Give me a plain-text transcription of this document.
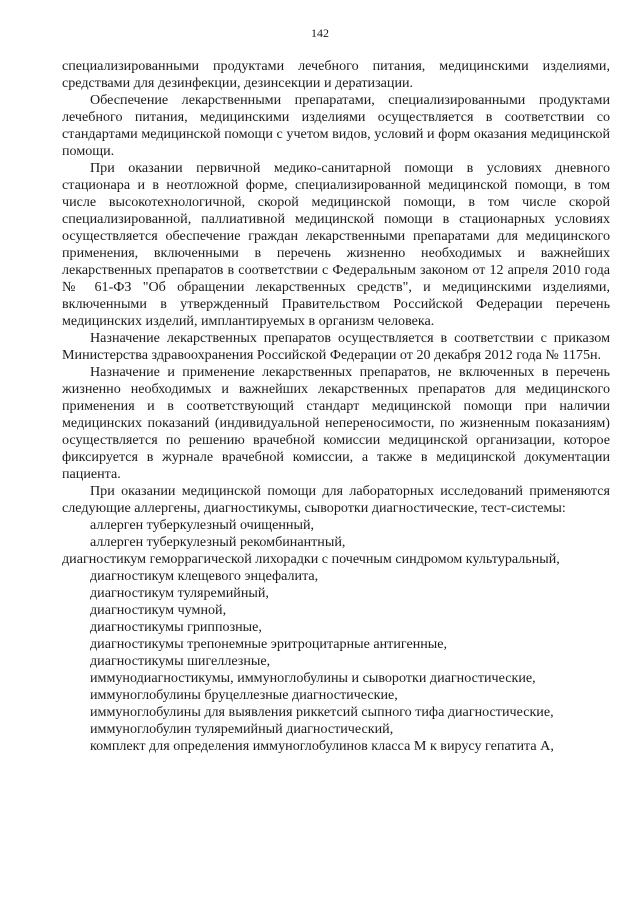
142

специализированными продуктами лечебного питания, медицинскими изделиями, средствами для дезинфекции, дезинсекции и дератизации.

Обеспечение лекарственными препаратами, специализированными продуктами лечебного питания, медицинскими изделиями осуществляется в соответствии со стандартами медицинской помощи с учетом видов, условий и форм оказания медицинской помощи.

При оказании первичной медико-санитарной помощи в условиях дневного стационара и в неотложной форме, специализированной медицинской помощи, в том числе высокотехнологичной, скорой медицинской помощи, в том числе скорой специализированной, паллиативной медицинской помощи в стационарных условиях осуществляется обеспечение граждан лекарственными препаратами для медицинского применения, включенными в перечень жизненно необходимых и важнейших лекарственных препаратов в соответствии с Федеральным законом от 12 апреля 2010 года № 61-ФЗ "Об обращении лекарственных средств", и медицинскими изделиями, включенными в утвержденный Правительством Российской Федерации перечень медицинских изделий, имплантируемых в организм человека.

Назначение лекарственных препаратов осуществляется в соответствии с приказом Министерства здравоохранения Российской Федерации от 20 декабря 2012 года № 1175н.

Назначение и применение лекарственных препаратов, не включенных в перечень жизненно необходимых и важнейших лекарственных препаратов для медицинского применения и в соответствующий стандарт медицинской помощи при наличии медицинских показаний (индивидуальной непереносимости, по жизненным показаниям) осуществляется по решению врачебной комиссии медицинской организации, которое фиксируется в журнале врачебной комиссии, а также в медицинской документации пациента.

При оказании медицинской помощи для лабораторных исследований применяются следующие аллергены, диагностикумы, сыворотки диагностические, тест-системы:

аллерген туберкулезный очищенный,

аллерген туберкулезный рекомбинантный,

диагностикум геморрагической лихорадки с почечным синдромом культуральный,

диагностикум клещевого энцефалита,

диагностикум туляремийный,

диагностикум чумной,

диагностикумы гриппозные,

диагностикумы трепонемные эритроцитарные антигенные,

диагностикумы шигеллезные,

иммунодиагностикумы, иммуноглобулины и сыворотки диагностические,

иммуноглобулины бруцеллезные диагностические,

иммуноглобулины для выявления риккетсий сыпного тифа диагностические,

иммуноглобулин туляремийный диагностический,

комплект для определения иммуноглобулинов класса М к вирусу гепатита А,
